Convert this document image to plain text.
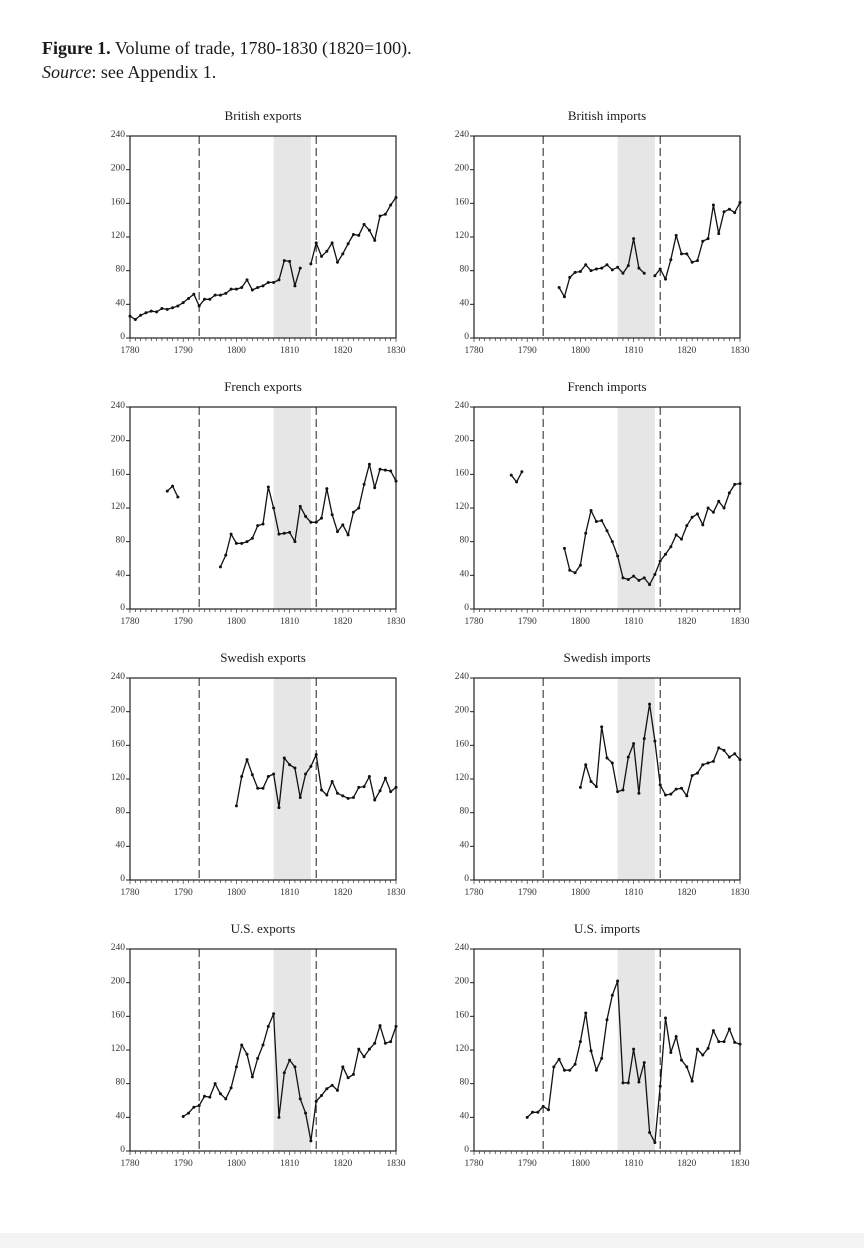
Figure 1. Volume of trade, 1780-1830 (1820=100).
Source: see Appendix 1.
British exports
0
40
80
120
160
200
240
1780	1790	1800	1810	1820	1830
British imports
0
40
80
120
160
200
240
1780	1790	1800	1810	1820	1830
French exports
0
40
80
120
160
200
240
1780	1790	1800	1810	1820	1830
French imports
0
40
80
120
160
200
240
1780	1790	1800	1810	1820	1830
Swedish exports
0
40
80
120
160
200
240
1780	1790	1800	1810	1820	1830
Swedish imports
0
40
80
120
160
200
240
1780	1790	1800	1810	1820	1830
U.S. exports
0
40
80
120
160
200
240
1780	1790	1800	1810	1820	1830
U.S. imports
0
40
80
120
160
200
240
1780	1790	1800	1810	1820	1830
